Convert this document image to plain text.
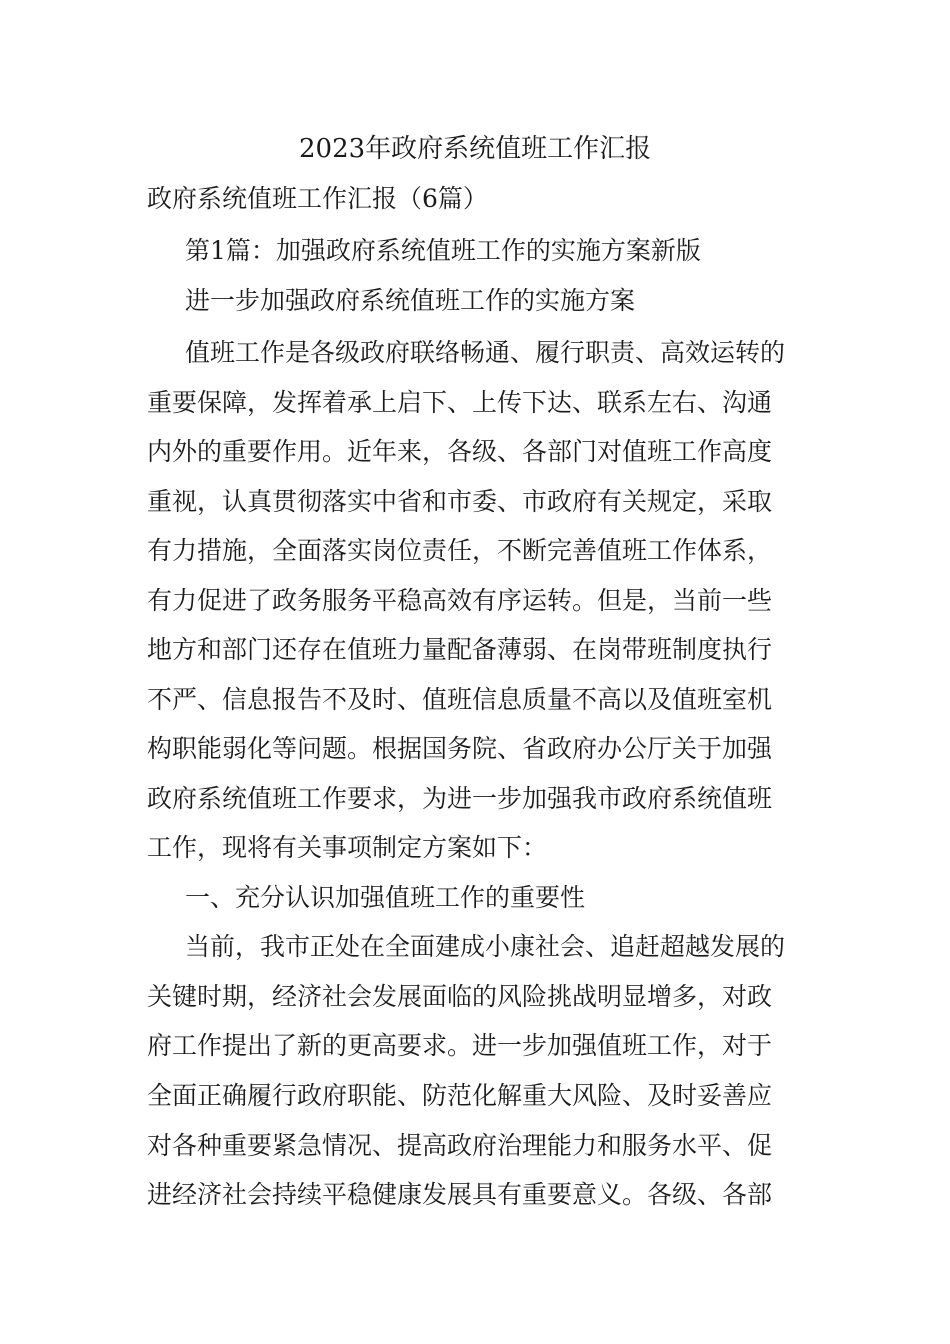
2023年政府系统值班工作汇报
政府系统值班工作汇报（6篇）
第1篇：加强政府系统值班工作的实施方案新版
进一步加强政府系统值班工作的实施方案
值班工作是各级政府联络畅通、履行职责、高效运转的
重要保障，发挥着承上启下、上传下达、联系左右、沟通
内外的重要作用。近年来，各级、各部门对值班工作高度
重视，认真贯彻落实中省和市委、市政府有关规定，采取
有力措施，全面落实岗位责任，不断完善值班工作体系，
有力促进了政务服务平稳高效有序运转。但是，当前一些
地方和部门还存在值班力量配备薄弱、在岗带班制度执行
不严、信息报告不及时、值班信息质量不高以及值班室机
构职能弱化等问题。根据国务院、省政府办公厅关于加强
政府系统值班工作要求，为进一步加强我市政府系统值班
工作，现将有关事项制定方案如下：
一、充分认识加强值班工作的重要性
当前，我市正处在全面建成小康社会、追赶超越发展的
关键时期，经济社会发展面临的风险挑战明显增多，对政
府工作提出了新的更高要求。进一步加强值班工作，对于
全面正确履行政府职能、防范化解重大风险、及时妥善应
对各种重要紧急情况、提高政府治理能力和服务水平、促
进经济社会持续平稳健康发展具有重要意义。各级、各部
